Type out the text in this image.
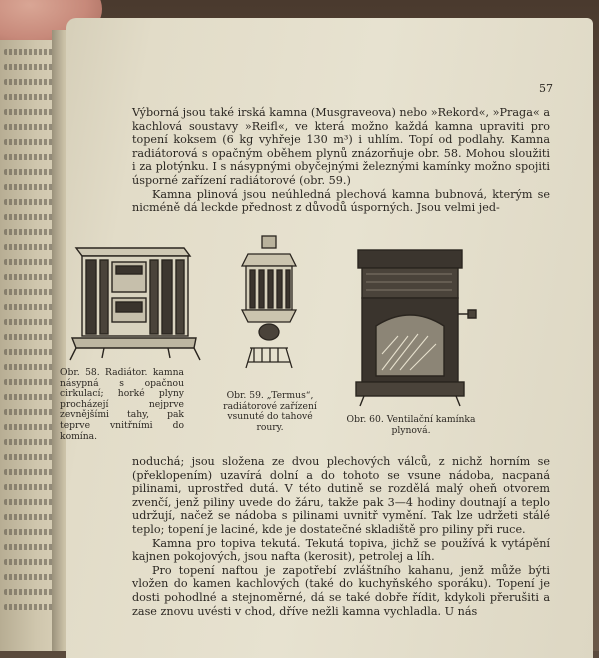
57

Výborná jsou také irská kamna (Musgraveova) nebo »Rekord«, »Praga« a kachlová soustavy »Reifl«, ve která možno každá kamna upraviti pro topení koksem (6 kg vyhřeje 130 m³) i uhlím. Topí od podlahy. Kamna radiátorová s opačným oběhem plynů znázorňuje obr. 58. Mohou sloužiti i za plotýnku. I s násypnými obyčejnými železnými kamínky možno spojiti úsporné zařízení radiátorové (obr. 59.)

Kamna plinová jsou neúhledná plechová kamna bubnová, kterým se nicméně dá leckde přednost z důvodů úsporných. Jsou velmi jed-

Obr. 58. Radiátor. kamna násypná s opačnou cirkulací; horké plyny procházejí nejprve zevnějšími tahy, pak teprve vnitřními do komína.
Obr. 59. „Termus“, radiátorové zařízení vsunuté do tahové roury.
Obr. 60. Ventilační kamínka plynová.

noduchá; jsou složena ze dvou plechových válců, z nichž horním se (překlopením) uzavírá dolní a do tohoto se vsune nádoba, nacpaná pilinami, uprostřed dutá. V této dutině se rozdělá malý oheň otvorem zvenčí, jenž piliny uvede do žáru, takže pak 3—4 hodiny doutnají a teplo udržují, načež se nádoba s pilinami uvnitř vymění. Tak lze udržeti stálé teplo; topení je laciné, kde je dostatečné skladiště pro piliny při ruce.

Kamna pro topiva tekutá. Tekutá topiva, jichž se používá k vytápění kajnen pokojových, jsou nafta (kerosit), petrolej a líh.

Pro topení naftou je zapotřebí zvláštního kahanu, jenž může býti vložen do kamen kachlových (také do kuchyňského sporáku). Topení je dosti pohodlné a stejnoměrné, dá se také dobře řídit, kdykoli přerušiti a zase znovu uvésti v chod, dříve nežli kamna vychladla. U nás
